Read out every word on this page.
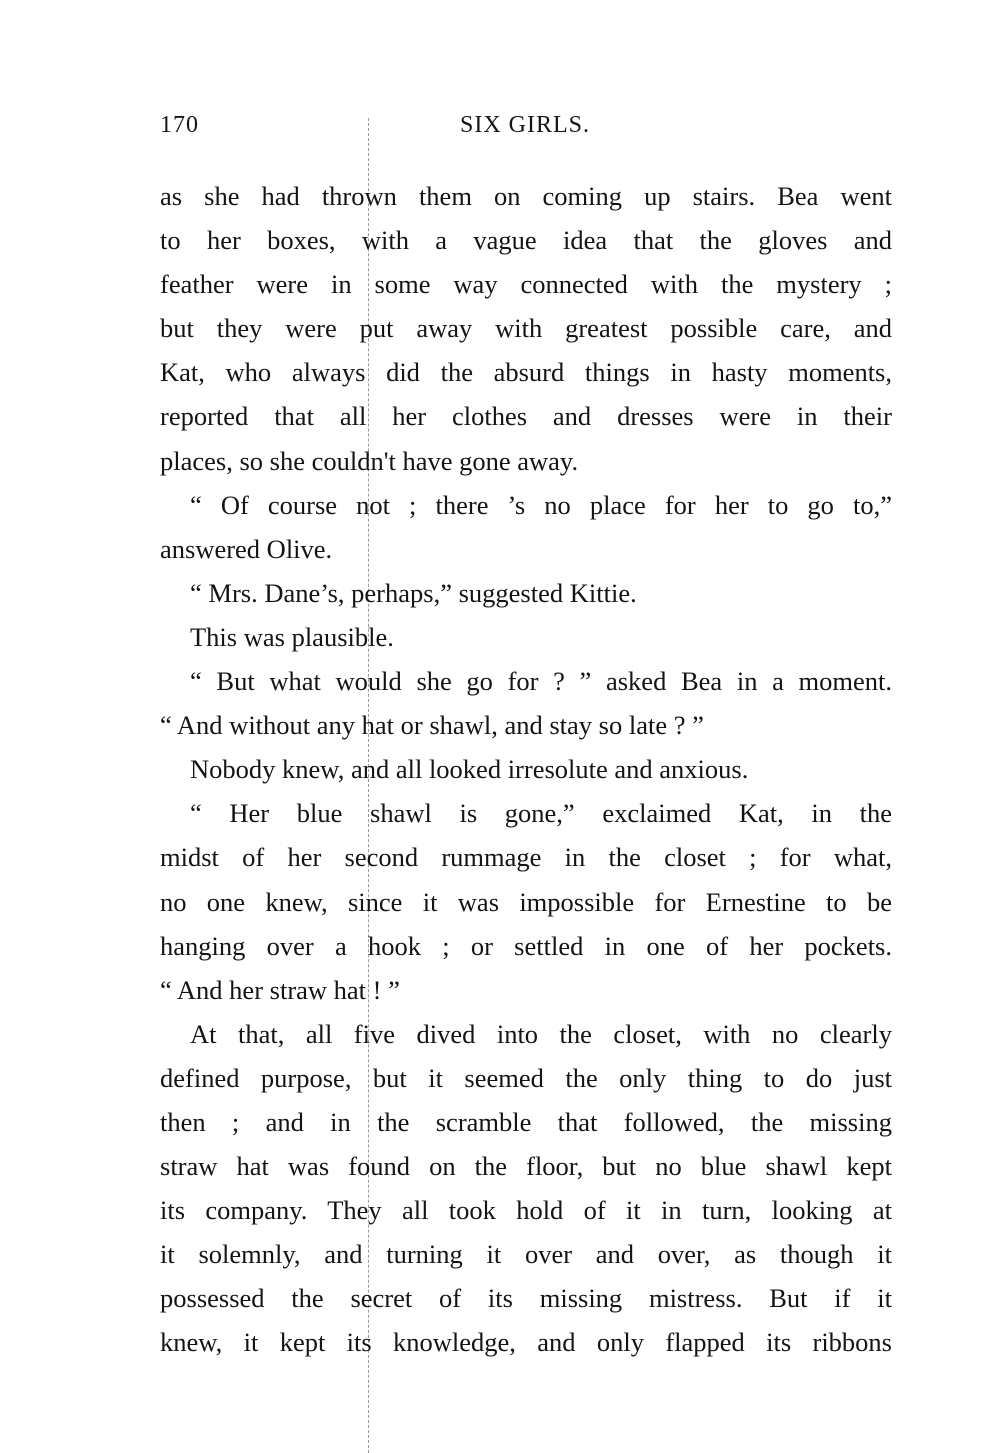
170	SIX GIRLS.
as she had thrown them on coming up stairs. Bea went
to her boxes, with a vague idea that the gloves and
feather were in some way connected with the mystery ;
but they were put away with greatest possible care, and
Kat, who always did the absurd things in hasty moments,
reported that all her clothes and dresses were in their
places, so she couldn't have gone away.
“ Of course not ; there ’s no place for her to go to,”
answered Olive.
“ Mrs. Dane’s, perhaps,” suggested Kittie.
This was plausible.
“ But what would she go for ? ” asked Bea in a moment.
“ And without any hat or shawl, and stay so late ? ”
Nobody knew, and all looked irresolute and anxious.
“ Her blue shawl is gone,” exclaimed Kat, in the
midst of her second rummage in the closet ; for what,
no one knew, since it was impossible for Ernestine to be
hanging over a hook ; or settled in one of her pockets.
“ And her straw hat ! ”
At that, all five dived into the closet, with no clearly
defined purpose, but it seemed the only thing to do just
then ; and in the scramble that followed, the missing
straw hat was found on the floor, but no blue shawl kept
its company. They all took hold of it in turn, looking at
it solemnly, and turning it over and over, as though it
possessed the secret of its missing mistress. But if it
knew, it kept its knowledge, and only flapped its ribbons
